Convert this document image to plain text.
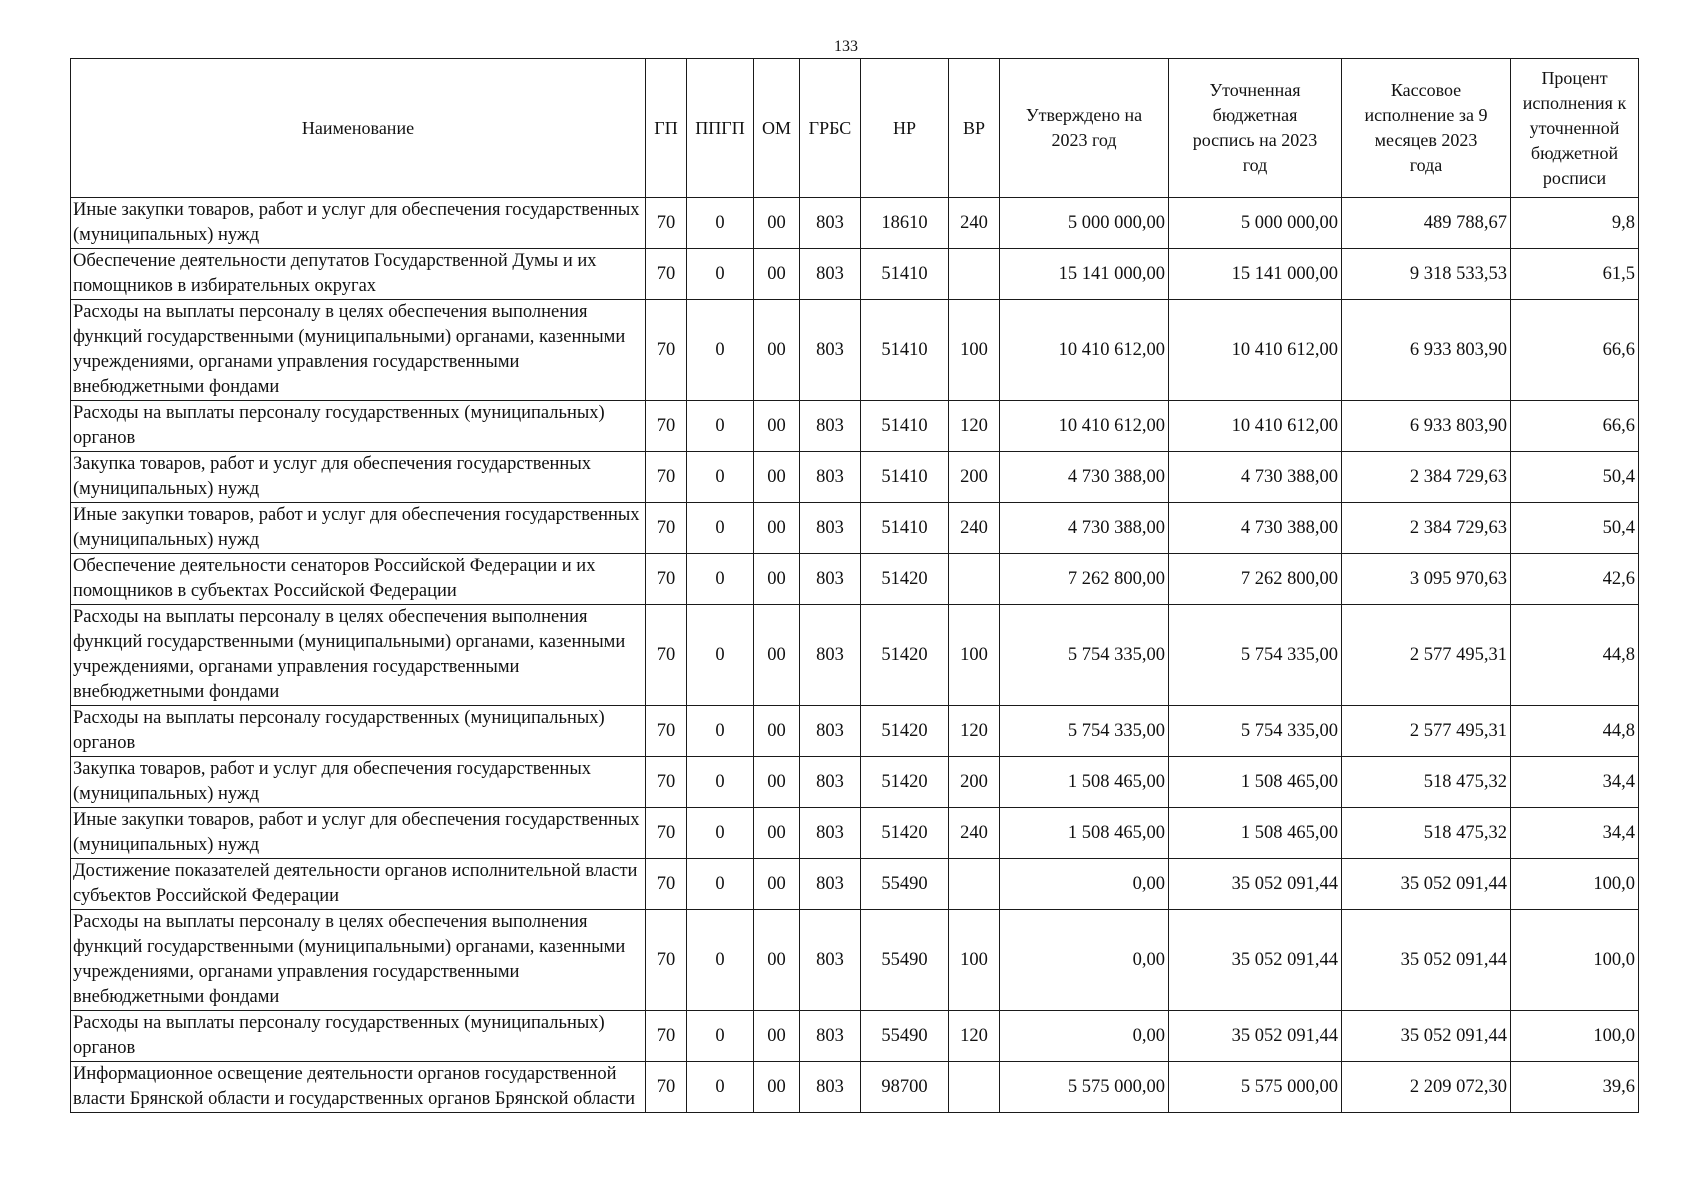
133
Наименование	ГП	ППГП	ОМ	ГРБС	НР	ВР	Утверждено на 2023 год	Уточненная бюджетная роспись на 2023 год	Кассовое исполнение за 9 месяцев 2023 года	Процент исполнения к уточненной бюджетной росписи
Иные закупки товаров, работ и услуг для обеспечения государственных (муниципальных) нужд	70	0	00	803	18610	240	5 000 000,00	5 000 000,00	489 788,67	9,8
Обеспечение деятельности депутатов Государственной Думы и их помощников в избирательных округах	70	0	00	803	51410		15 141 000,00	15 141 000,00	9 318 533,53	61,5
Расходы на выплаты персоналу в целях обеспечения выполнения функций государственными (муниципальными) органами, казенными учреждениями, органами управления государственными внебюджетными фондами	70	0	00	803	51410	100	10 410 612,00	10 410 612,00	6 933 803,90	66,6
Расходы на выплаты персоналу государственных (муниципальных) органов	70	0	00	803	51410	120	10 410 612,00	10 410 612,00	6 933 803,90	66,6
Закупка товаров, работ и услуг для обеспечения государственных (муниципальных) нужд	70	0	00	803	51410	200	4 730 388,00	4 730 388,00	2 384 729,63	50,4
Иные закупки товаров, работ и услуг для обеспечения государственных (муниципальных) нужд	70	0	00	803	51410	240	4 730 388,00	4 730 388,00	2 384 729,63	50,4
Обеспечение деятельности сенаторов Российской Федерации и их помощников в субъектах Российской Федерации	70	0	00	803	51420		7 262 800,00	7 262 800,00	3 095 970,63	42,6
Расходы на выплаты персоналу в целях обеспечения выполнения функций государственными (муниципальными) органами, казенными учреждениями, органами управления государственными внебюджетными фондами	70	0	00	803	51420	100	5 754 335,00	5 754 335,00	2 577 495,31	44,8
Расходы на выплаты персоналу государственных (муниципальных) органов	70	0	00	803	51420	120	5 754 335,00	5 754 335,00	2 577 495,31	44,8
Закупка товаров, работ и услуг для обеспечения государственных (муниципальных) нужд	70	0	00	803	51420	200	1 508 465,00	1 508 465,00	518 475,32	34,4
Иные закупки товаров, работ и услуг для обеспечения государственных (муниципальных) нужд	70	0	00	803	51420	240	1 508 465,00	1 508 465,00	518 475,32	34,4
Достижение показателей деятельности органов исполнительной власти субъектов Российской Федерации	70	0	00	803	55490		0,00	35 052 091,44	35 052 091,44	100,0
Расходы на выплаты персоналу в целях обеспечения выполнения функций государственными (муниципальными) органами, казенными учреждениями, органами управления государственными внебюджетными фондами	70	0	00	803	55490	100	0,00	35 052 091,44	35 052 091,44	100,0
Расходы на выплаты персоналу государственных (муниципальных) органов	70	0	00	803	55490	120	0,00	35 052 091,44	35 052 091,44	100,0
Информационное освещение деятельности органов государственной власти Брянской области и государственных органов Брянской области	70	0	00	803	98700		5 575 000,00	5 575 000,00	2 209 072,30	39,6
